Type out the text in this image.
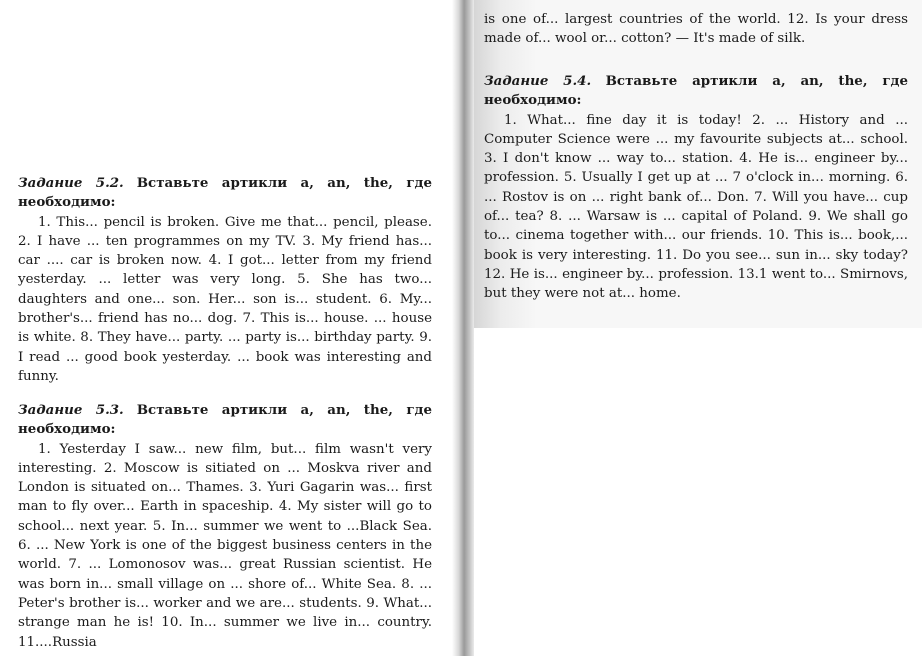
Задание 5.2. Вставьте артикли a, an, the, где необходимо:

1. This... pencil is broken. Give me that... pencil, please. 2. I have ... ten programmes on my TV. 3. My friend has... car .... car is broken now. 4. I got... letter from my friend yesterday. ... letter was very long. 5. She has two... daughters and one... son. Her... son is... student. 6. My... brother's... friend has no... dog. 7. This is... house. ... house is white. 8. They have... party. ... party is... birthday party. 9. I read ... good book yesterday. ... book was interesting and funny.

Задание 5.3. Вставьте артикли a, an, the, где необходимо:

1. Yesterday I saw... new film, but... film wasn't very interesting. 2. Moscow is sitiated on ... Moskva river and London is situated on... Thames. 3. Yuri Gagarin was... first man to fly over... Earth in spaceship. 4. My sister will go to school... next year. 5. In... summer we went to ...Black Sea. 6. ... New York is one of the biggest business centers in the world. 7. ... Lomonosov was... great Russian scientist. He was born in... small village on ... shore of... White Sea. 8. ... Peter's brother is... worker and we are... students. 9. What... strange man he is! 10. In... summer we live in... country. 11....Russia

is one of... largest countries of the world. 12. Is your dress made of... wool or... cotton? — It's made of silk.

Задание 5.4. Вставьте артикли a, an, the, где необходимо:

1. What... fine day it is today! 2. ... History and ... Computer Science were ... my favourite subjects at... school. 3. I don't know ... way to... station. 4. He is... engineer by... profession. 5. Usually I get up at ... 7 o'clock in... morning. 6. ... Rostov is on ... right bank of... Don. 7. Will you have... cup of... tea? 8. ... Warsaw is ... capital of Poland. 9. We shall go to... cinema together with... our friends. 10. This is... book,... book is very interesting. 11. Do you see... sun in... sky today? 12. He is... engineer by... profession. 13.1 went to... Smirnovs, but they were not at... home.
